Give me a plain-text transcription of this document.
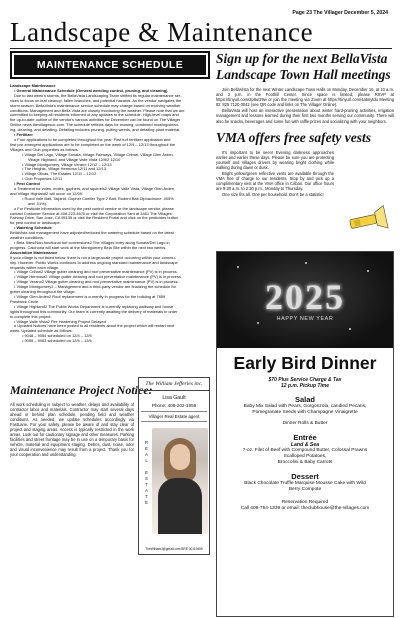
Page 23 The Villager December 5, 2024
Landscape & Maintenance
MAINTENANCE SCHEDULE

Landscape Maintenance

• General Maintenance Schedule (General weeding control, pruning, and cleaning)

Due to last week's storms, the BellaVista Landscaping Team shifted its regular maintenance ser-

vices to focus on leaf cleanup, fallen branches, and potential hazards. As the vendor navigates the

storm season, BellaVista's maintenance service schedule may change based on evolving weather

conditions. Management and Bella Vista are closely monitoring the weather. Please note that we are

committed to keeping all residents informed of any updates to the schedule. High-level maps and

the up-to-date outline of the vendor's various activities for December can be found on The Villager

Online news.thevillagesoc.com. The schedule reflects days for mowing, combined mowing/clean-

ing, cleaning, and detailing. Detailing includes pruning, pulling weeds, and detailing plant material.

• Fertilizer

o Four applications to be completed throughout the year. First turf fertilizer application and

first pre-emergent applications are to be completed on the week of 12/9 – 12/13 throughout the

Villages and Club properties as follows:

• Village Del Lago, Village Sonata, Village Fairways, Village Cribari, Village Glen Arden,

Village Highland, and Village Valle Vista 12/9/2 12/10

• Village Montgomery, Village Verano 12/12 – 12/13

• The Heights, Village Hermosa 12/11 and 12/13

• Village Olivas, The Estates 12/11 – 12/12

• Club Properties 12/11

• Pest Control

o Treatment for voles, moles, gophers, and squirrels2 Village Valle Vista, Village Glen Arden,

and Village Highland2 will occur on 12/09.

• Rozol Vole Bait, Talpirid, Gopher Coetter Type 2 Bait, Rodent Bait Diphacinone .005%

and .01%).

o For Pesticide information used by the pest control vendor or the landscape vendor, please

contact Customer Service at 408-223-4670 or visit the Corporation Yard at 3461 The Villages

Fairway Drive, San Jose, CA 95135 or visit the Resident Portal and click on the pesticides button

for pest control or landscape.

• Watering Schedule

BellaVista and management have adjusted/reduced the watering schedule based on the latest

weather conditions.

• Bela Sites/Non-functional turf conversions2 The Villages entry along Sonata/Del Lago in

progress. Caichoria will start work at the Montgomery Bela Site within the next two weeks.

Association Maintenance

If your village is not listed below, there is not a large-scale project occurring within your commu-

nity. However, Public Works continues to address ongoing standard maintenance and landscape

requests within each village.

• Village Cribari2 Village gutter cleaning and roof preventative maintenance (PV) is in process.

• Village Hermosa2 Village gutter cleaning and roof preventative maintenance (PV) is in process.

• Village Verano2 Village gutter cleaning and roof preventative maintenance (PV) is in process.

• Village Montgomery2 – Management and a third-party vendor are finalizing the schedule for

gutter cleaning throughout the village.

• Village Glen Arden2 Roof replacement is currently in progress for the building at 7859

Prestwick Circle.

• Village Highland2 The Public Works Department is currently replacing walkway and house

lights throughout this community. Our team is currently awaiting the delivery of materials in order

to complete this project.

• Village Valle Vista2 Fire Hardening Project Delayed

o Updated Notices have been posted to all residents about the project which will restart next

week. Updated schedule as follows:

• 9048 – 9054 scheduled on 12/4 – 12/5

• 9055 – 9063 scheduled on 12/5 – 12/6

Maintenance Project Notice:
All work scheduling is subject to weather, delays and availability of contractor labor and materials. Contractor may start several days ahead or behind plan schedule, pending field and weather conditions. As needed, we update schedules accordingly via FastLane. For your safety, please be aware of and stay clear of project and staging areas. Access is typically restricted in the work areas. Look out for cautionary signage and other measures. Parking facilities and street frontage may be in use on a temporary basis for vehicle, material and equipment staging. Debris, dust, noise, odor and visual inconvenience may result from a project. Thank you for your cooperation and understanding.
The William Jefferies inc.
Lisa Gault
Phone: 408-202-1959
Villager Real Estate agent
R
E
A
L

E
S
T
A
T
E
TheWilliamJ@gmail.com BRE 00119459
Sign up for the next BellaVista Landscape Town Hall meetings

Join BellaVista for the next Winter Landscape Town Halls on Monday, December 16, at 10 a.m. and 3 p.m. in the Foothill Center. Since space is limited, please RSVP at https://tinyurl.com/2p8utz9w or join the meeting via Zoom at https://tinyurl.com/4a5nytdu Meeting ID: 825 7120 0042 (see QR code and links on The Villager Online).

BellaVista will host an interactive presentation about winter hard-pruning activities, irrigation management and lessons learned during their first two months serving our community. There will also be snacks, beverages and some fun with raffle prizes and socializing with your neighbors.

VMA offers free safety vests

It's important to be seen! Evening darkness approaches earlier and earlier these days. Please be sure you are protecting yourself and Villages drivers by wearing bright clothing while walking during dawn or dusk.

Bright yellow/green reflective vests are available through the VMA free of charge to our residents. Stop by and pick up a complimentary vest at the VMA office in Cribari. Our office hours are 9:30 a.m. to 2:30 p.m., Monday to Thursday.

One size fits all. One per household. Don't be a statistic!

2025
HAPPY NEW YEAR
Early Bird Dinner
$70 Plus Service Charge & Tax
12 p.m. Pickup Time
Salad
Baby Mix Salad with Pears, Gorgonzola, candied Pecans,
Pomegranate Seeds with Champagne Vinaigrette
Dinner Rolls & Butter
Entrée
Land & Sea
7-oz. Filet of Beef with Compound Butter, Colossal Prawns
Scalloped Potatoes,
Broccolini & Baby Carrots
Dessert
Black Chocolate Truffle Marquise Mousse Cake with Wild
Berry Compote
Reservation Required
Call 408-754-1339 or email: theclubhouse@the-villages.com
